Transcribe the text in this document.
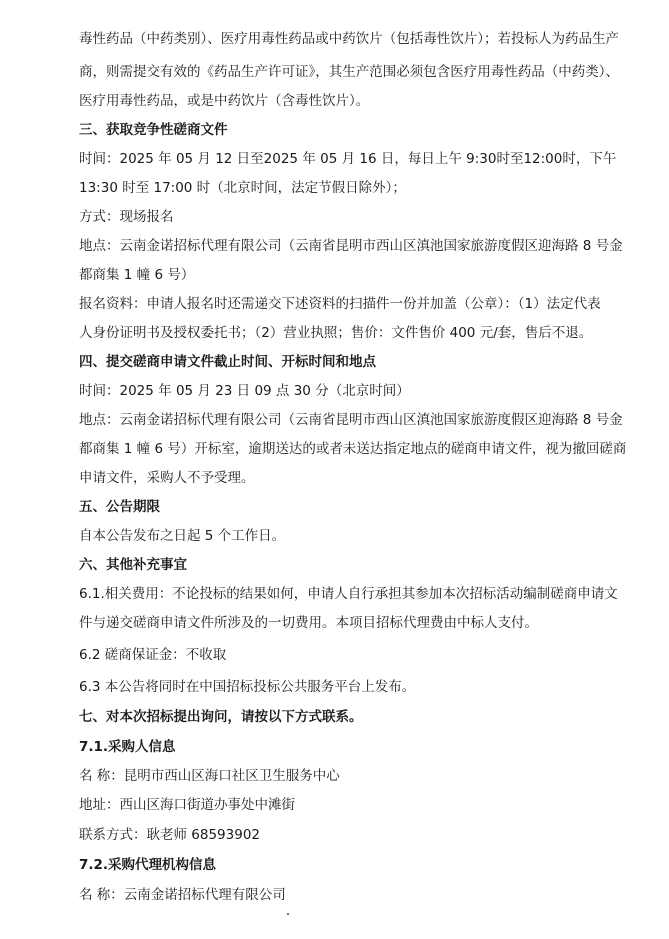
毒性药品（中药类别）、医疗用毒性药品或中药饮片（包括毒性饮片）；若投标人为药品生产
商，则需提交有效的《药品生产许可证》，其生产范围必须包含医疗用毒性药品（中药类）、
医疗用毒性药品，或是中药饮片（含毒性饮片）。
三、获取竞争性磋商文件
时间：2025 年 05 月 12 日至2025 年 05 月 16 日，每日上午 9:30时至12:00时，下午
13:30 时至 17:00 时（北京时间，法定节假日除外）；
方式：现场报名
地点：云南金诺招标代理有限公司（云南省昆明市西山区滇池国家旅游度假区迎海路 8 号金
都商集 1 幢 6 号）
报名资料：申请人报名时还需递交下述资料的扫描件一份并加盖（公章）：（1）法定代表
人身份证明书及授权委托书；（2）营业执照；售价：文件售价 400 元/套，售后不退。
四、提交磋商申请文件截止时间、开标时间和地点
时间：2025 年 05 月 23 日 09 点 30 分（北京时间）
地点：云南金诺招标代理有限公司（云南省昆明市西山区滇池国家旅游度假区迎海路 8 号金
都商集 1 幢 6 号）开标室，逾期送达的或者未送达指定地点的磋商申请文件，视为撤回磋商
申请文件，采购人不予受理。
五、公告期限
自本公告发布之日起 5 个工作日。
六、其他补充事宜
6.1.相关费用：不论投标的结果如何，申请人自行承担其参加本次招标活动编制磋商申请文
件与递交磋商申请文件所涉及的一切费用。本项目招标代理费由中标人支付。
6.2 磋商保证金：不收取
6.3 本公告将同时在中国招标投标公共服务平台上发布。
七、对本次招标提出询问，请按以下方式联系。
7.1.采购人信息
名 称：昆明市西山区海口社区卫生服务中心
地址：西山区海口街道办事处中滩街
联系方式：耿老师 68593902
7.2.采购代理机构信息
名 称：云南金诺招标代理有限公司
